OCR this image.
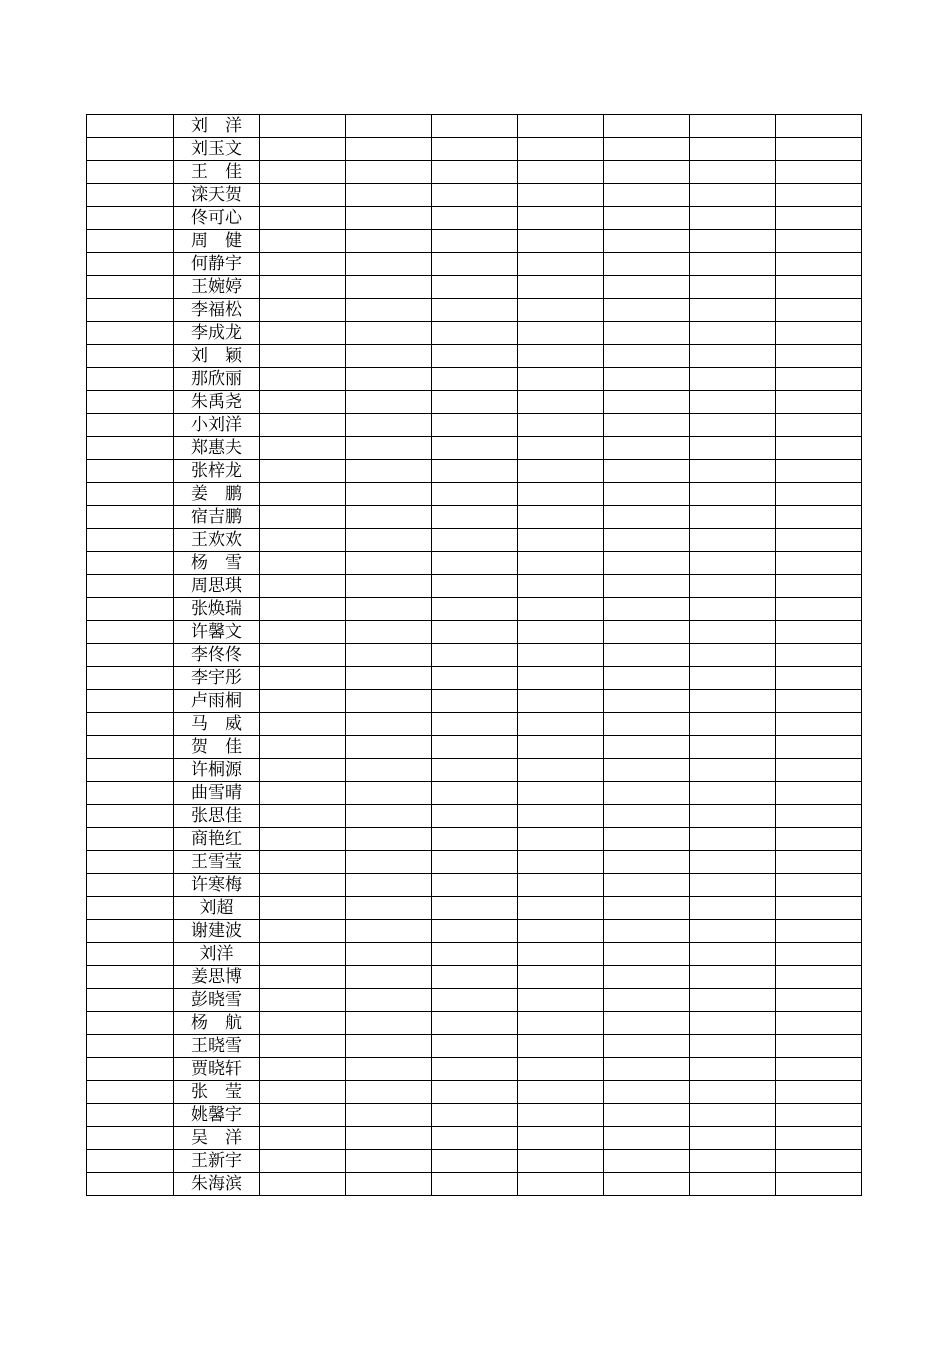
	刘　洋							
	刘玉文							
	王　佳							
	滦天贺							
	佟可心							
	周　健							
	何静宇							
	王婉婷							
	李福松							
	李成龙							
	刘　颖							
	那欣丽							
	朱禹尧							
	小刘洋							
	郑惠夫							
	张梓龙							
	姜　鹏							
	宿吉鹏							
	王欢欢							
	杨　雪							
	周思琪							
	张焕瑞							
	许馨文							
	李佟佟							
	李宇彤							
	卢雨桐							
	马　威							
	贺　佳							
	许桐源							
	曲雪晴							
	张思佳							
	商艳红							
	王雪莹							
	许寒梅							
	刘超							
	谢建波							
	刘洋							
	姜思博							
	彭晓雪							
	杨　航							
	王晓雪							
	贾晓轩							
	张　莹							
	姚馨宇							
	吴　洋							
	王新宇							
	朱海滨							
